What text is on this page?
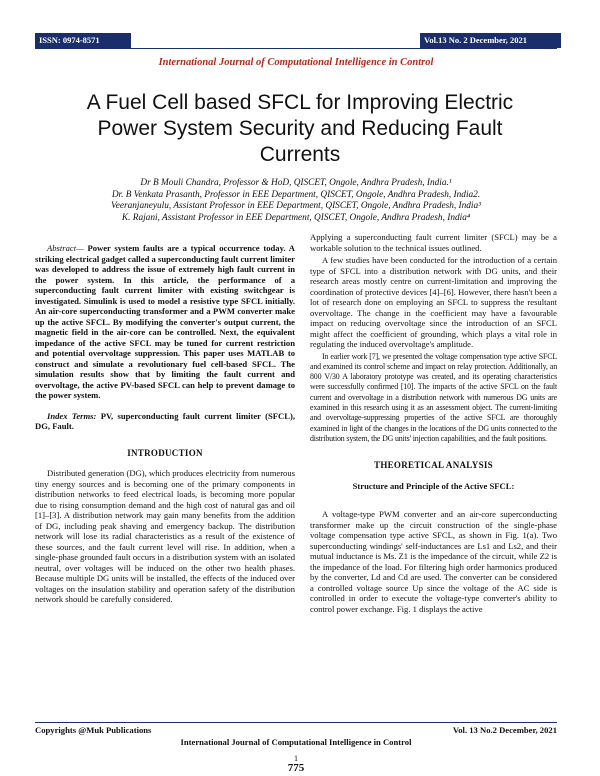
ISSN: 0974-8571	Vol.13 No. 2 December, 2021
International Journal of Computational Intelligence in Control
A Fuel Cell based SFCL for Improving Electric
Power System Security and Reducing Fault
Currents
Dr B Mouli Chandra, Professor & HoD, QISCET, Ongole, Andhra Pradesh, India.¹
Dr. B Venkata Prasanth, Professor in EEE Department, QISCET, Ongole, Andhra Pradesh, India2.
Veeranjaneyulu, Assistant Professor in EEE Department, QISCET, Ongole, Andhra Pradesh, India³
K. Rajani, Assistant Professor in EEE Department, QISCET, Ongole, Andhra Pradesh, India⁴

Abstract— Power system faults are a typical occurrence today. A striking electrical gadget called a superconducting fault current limiter was developed to address the issue of extremely high fault current in the power system. In this article, the performance of a superconducting fault current limiter with existing switchgear is investigated. Simulink is used to model a resistive type SFCL initially. An air-core superconducting transformer and a PWM converter make up the active SFCL. By modifying the converter's output current, the magnetic field in the air-core can be controlled. Next, the equivalent impedance of the active SFCL may be tuned for current restriction and potential overvoltage suppression. This paper uses MATLAB to construct and simulate a revolutionary fuel cell-based SFCL. The simulation results show that by limiting the fault current and overvoltage, the active PV-based SFCL can help to prevent damage to the power system.

Index Terms: PV, superconducting fault current limiter (SFCL), DG, Fault.

INTRODUCTION

Distributed generation (DG), which produces electricity from numerous tiny energy sources and is becoming one of the primary components in distribution networks to feed electrical loads, is becoming more popular due to rising consumption demand and the high cost of natural gas and oil [1]–[3]. A distribution network may gain many benefits from the addition of DG, including peak shaving and emergency backup. The distribution network will lose its radial characteristics as a result of the existence of these sources, and the fault current level will rise. In addition, when a single-phase grounded fault occurs in a distribution system with an isolated neutral, over voltages will be induced on the other two health phases. Because multiple DG units will be installed, the effects of the induced over voltages on the insulation stability and operation safety of the distribution network should be carefully considered.

Applying a superconducting fault current limiter (SFCL) may be a workable solution to the technical issues outlined.

A few studies have been conducted for the introduction of a certain type of SFCL into a distribution network with DG units, and their research areas mostly centre on current-limitation and improving the coordination of protective devices [4]–[6]. However, there hasn't been a lot of research done on employing an SFCL to suppress the resultant overvoltage. The change in the coefficient may have a favourable impact on reducing overvoltage since the introduction of an SFCL might affect the coefficient of grounding, which plays a vital role in regulating the induced overvoltage's amplitude.

In earlier work [7], we presented the voltage compensation type active SFCL and examined its control scheme and impact on relay protection. Additionally, an 800 V/30 A laboratory prototype was created, and its operating characteristics were successfully confirmed [10]. The impacts of the active SFCL on the fault current and overvoltage in a distribution network with numerous DG units are examined in this research using it as an assessment object. The current-limiting and overvoltage-suppressing properties of the active SFCL are thoroughly examined in light of the changes in the locations of the DG units connected to the distribution system, the DG units' injection capabilities, and the fault positions.

THEORETICAL ANALYSIS
Structure and Principle of the Active SFCL:

A voltage-type PWM converter and an air-core superconducting transformer make up the circuit construction of the single-phase voltage compensation type active SFCL, as shown in Fig. 1(a). Two superconducting windings' self-inductances are Ls1 and Ls2, and their mutual inductance is Ms. Z1 is the impedance of the circuit, while Z2 is the impedance of the load. For filtering high order harmonics produced by the converter, Ld and Cd are used. The converter can be considered a controlled voltage source Up since the voltage of the AC side is controlled in order to execute the voltage-type converter's ability to control power exchange. Fig. 1 displays the active

Copyrights @Muk Publications	Vol. 13 No.2 December, 2021
International Journal of Computational Intelligence in Control
1
775
